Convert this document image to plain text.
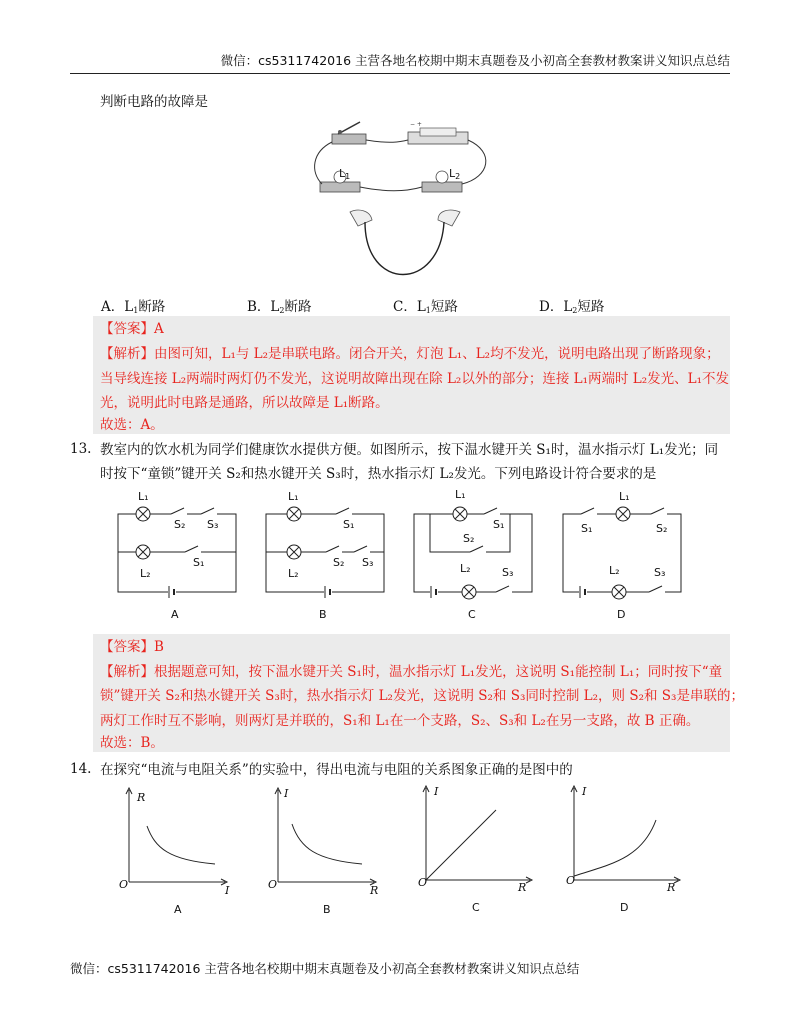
微信：cs5311742016 主营各地名校期中期末真题卷及小初高全套教材教案讲义知识点总结
判断电路的故障是
− +
$L_1$	$L_2$
A．$L_1$断路	B．$L_2$断路	C．$L_1$短路	D．$L_2$短路
【答案】A
【解析】由图可知，L₁与 L₂是串联电路。闭合开关，灯泡 L₁、L₂均不发光，说明电路出现了断路现象；
当导线连接 L₂两端时两灯仍不发光，这说明故障出现在除 L₂以外的部分；连接 L₁两端时 L₂发光、L₁不发
光，说明此时电路是通路，所以故障是 L₁断路。
故选：A。
13. 教室内的饮水机为同学们健康饮水提供方便。如图所示，按下温水键开关 S₁时，温水指示灯 L₁发光；同
时按下“童锁”键开关 S₂和热水键开关 S₃时，热水指示灯 L₂发光。下列电路设计符合要求的是
L₁
S₂ S₃
L₂
S₁
L₁
S₁
L₂
S₂ S₃
L₁
S₁
S₂
L₂	S₃
L₁
S₁	S₂
L₂	S₃
A	B	C	D
【答案】B
【解析】根据题意可知，按下温水键开关 S₁时，温水指示灯 L₁发光，这说明 S₁能控制 L₁；同时按下“童
锁”键开关 S₂和热水键开关 S₃时，热水指示灯 L₂发光，这说明 S₂和 S₃同时控制 L₂，则 S₂和 S₃是串联的；
两灯工作时互不影响，则两灯是并联的，S₁和 L₁在一个支路，S₂、S₃和 L₂在另一支路，故 B 正确。
故选：B。
14. 在探究“电流与电阻关系”的实验中，得出电流与电阻的关系图象正确的是图中的
R
I
O
A
I
R
O
B
I
R
O
C
I
R
O
D
微信：cs5311742016 主营各地名校期中期末真题卷及小初高全套教材教案讲义知识点总结
